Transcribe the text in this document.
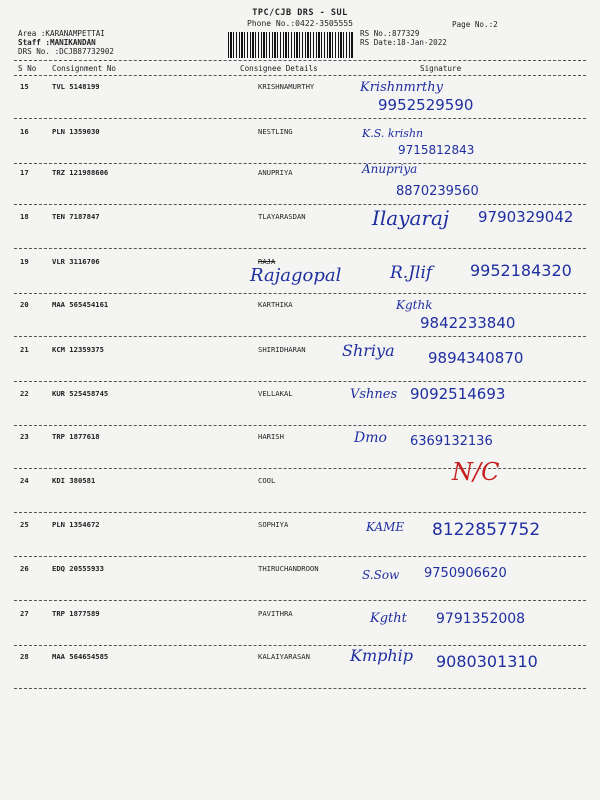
TPC/CJB DRS - SUL
Phone No.:0422-3505555
Area :KARANAMPETTAI
Staff :MANIKANDAN
DRS No. :DCJB87732902
RS No.:877329
RS Date:18-Jan-2022
Page No.:2
S No Consignment No	Consignee Details	Signature
15	TVL 5148199	KRISHNAMURTHY	Krishnmrthy
9952529590
16	PLN 1359030	NESTLING	K.S. krishn
9715812843
17	TRZ 121988606	ANUPRIYA	Anupriya
8870239560
18	TEN 7187847	TLAYARASDAN	Ilayaraj 9790329042
19	VLR 3116706	RAJA
Rajagopal	R.Jlif 9952184320
20	MAA 565454161	KARTHIKA	Kgthk
9842233840
21	KCM 12359375	SHIRIDHARAN Shriya 9894340870
22	KUR 525458745	VELLAKAL	Vshnes 9092514693
23	TRP 1877618	HARISH	Dmo 6369132136
24	KDI 380581	COOL	N/C
25	PLN 1354672	SOPHIYA	KAME 8122857752
26	EDQ 20555933	THIRUCHANDROON	S.Sow 9750906620
27	TRP 1877589	PAVITHRA	Kgtht 9791352008
28	MAA 564654585	KALAIYARASAN	Kmphip 9080301310
